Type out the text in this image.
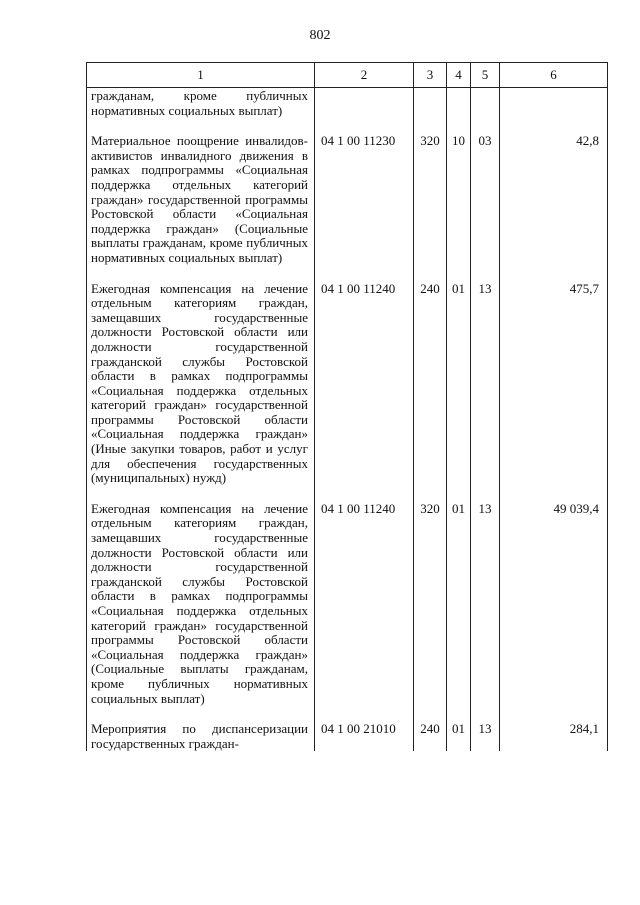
802
1	2	3	4	5	6
гражданам, кроме публичных нормативных социальных выплат)					
Материальное поощрение инвалидов-активистов инвалидного движения в рамках подпрограммы «Социальная поддержка отдельных категорий граждан» государственной программы Ростовской области «Социальная поддержка граждан» (Социальные выплаты гражданам, кроме публичных нормативных социальных выплат)	04 1 00 11230	320	10	03	42,8
Ежегодная компенсация на лечение отдельным категориям граждан, замещавших государственные должности Ростовской области или должности государственной гражданской службы Ростовской области в рамках подпрограммы «Социальная поддержка отдельных категорий граждан» государственной программы Ростовской области «Социальная поддержка граждан» (Иные закупки товаров, работ и услуг для обеспечения государственных (муниципальных) нужд)	04 1 00 11240	240	01	13	475,7
Ежегодная компенсация на лечение отдельным категориям граждан, замещавших государственные должности Ростовской области или должности государственной гражданской службы Ростовской области в рамках подпрограммы «Социальная поддержка отдельных категорий граждан» государственной программы Ростовской области «Социальная поддержка граждан» (Социальные выплаты гражданам, кроме публичных нормативных социальных выплат)	04 1 00 11240	320	01	13	49 039,4
Мероприятия по диспансеризации государственных граждан-	04 1 00 21010	240	01	13	284,1
